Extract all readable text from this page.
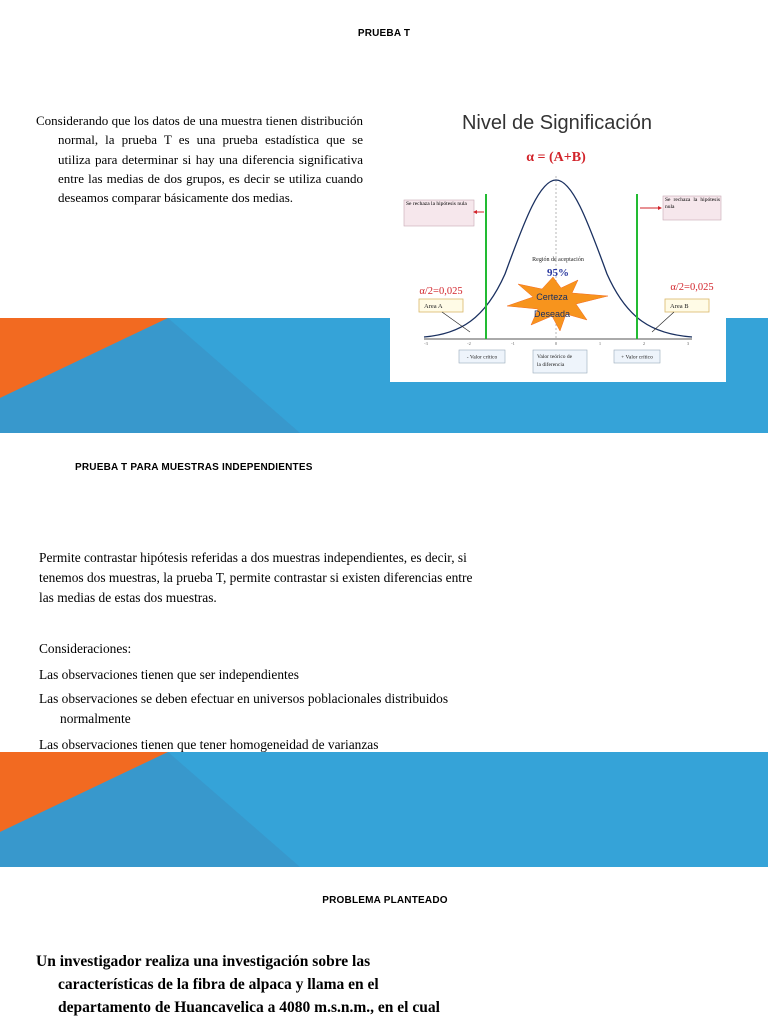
PRUEBA T

Considerando que los datos de una muestra tienen distribución normal, la prueba T es una prueba estadística que se utiliza para determinar si hay una diferencia significativa entre las medias de dos grupos, es decir se utiliza cuando deseamos comparar básicamente dos medias.

Nivel de Significación
α = (A+B)
Se rechaza la hipótesis nula
Se rechaza la hipótesis nula
Región de aceptación
95%
Certeza
Deseada
α/2=0,025	α/2=0,025
Area A	Area B
-3	-2	-1	0	1	2	3
- Valor crítico	Valor teórico de
la diferencia
+ Valor crítico
PRUEBA T PARA MUESTRAS INDEPENDIENTES

Permite contrastar hipótesis referidas a dos muestras independientes, es decir, si

tenemos dos muestras, la prueba T, permite contrastar si existen diferencias entre

las medias de estas dos muestras.

Consideraciones:
Las observaciones tienen que ser independientes

Las observaciones se deben efectuar en universos poblacionales distribuidos

normalmente

Las observaciones tienen que tener homogeneidad de varianzas
PROBLEMA PLANTEADO
Un investigador realiza una investigación sobre las
características de la fibra de alpaca y llama en el
departamento de Huancavelica a 4080 m.s.n.m., en el cual
